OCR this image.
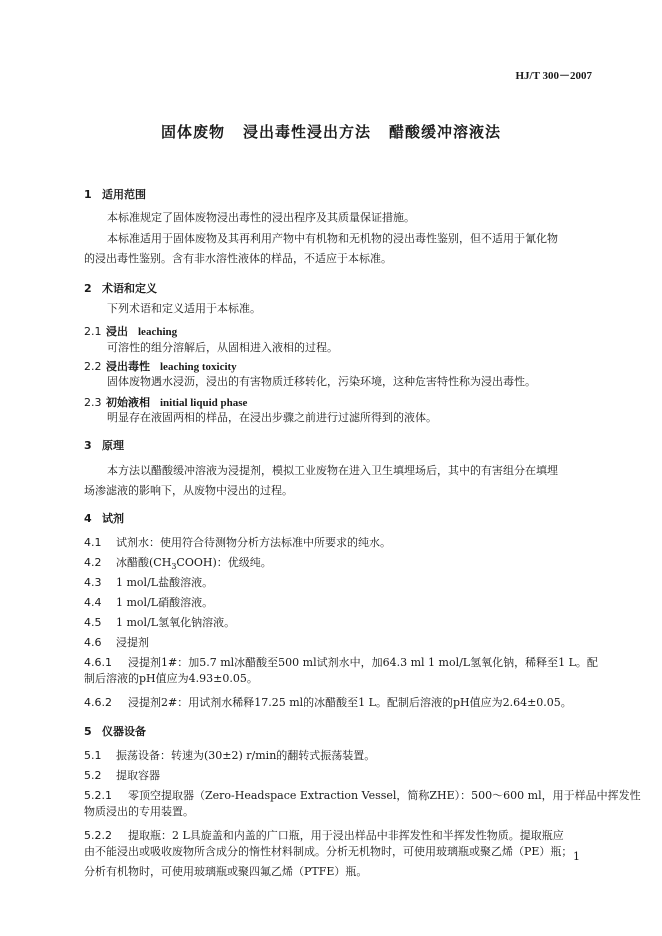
HJ/T 300－2007
固体废物 浸出毒性浸出方法 醋酸缓冲溶液法
1 适用范围
本标准规定了固体废物浸出毒性的浸出程序及其质量保证措施。
本标准适用于固体废物及其再利用产物中有机物和无机物的浸出毒性鉴别，但不适用于氰化物
的浸出毒性鉴别。含有非水溶性液体的样品，不适应于本标准。
2 术语和定义
下列术语和定义适用于本标准。
2.1 浸出 leaching
可溶性的组分溶解后，从固相进入液相的过程。
2.2 浸出毒性 leaching toxicity
固体废物遇水浸沥，浸出的有害物质迁移转化，污染环境，这种危害特性称为浸出毒性。
2.3 初始液相 initial liquid phase
明显存在液固两相的样品，在浸出步骤之前进行过滤所得到的液体。
3 原理
本方法以醋酸缓冲溶液为浸提剂，模拟工业废物在进入卫生填埋场后，其中的有害组分在填埋
场渗滤液的影响下，从废物中浸出的过程。
4 试剂
4.1 试剂水：使用符合待测物分析方法标准中所要求的纯水。
4.2 冰醋酸$(CH_3COOH)$：优级纯。
4.3 1 mol/L盐酸溶液。
4.4 1 mol/L硝酸溶液。
4.5 1 mol/L氢氧化钠溶液。
4.6 浸提剂
4.6.1 浸提剂1#：加5.7 ml冰醋酸至500 ml试剂水中，加64.3 ml 1 mol/L氢氧化钠，稀释至1 L。配
制后溶液的pH值应为4.93±0.05。
4.6.2 浸提剂2#：用试剂水稀释17.25 ml的冰醋酸至1 L。配制后溶液的pH值应为2.64±0.05。
5 仪器设备
5.1 振荡设备：转速为(30±2) r/min的翻转式振荡装置。
5.2 提取容器
5.2.1 零顶空提取器（Zero-Headspace Extraction Vessel，简称ZHE）：500～600 ml，用于样品中挥发性
物质浸出的专用装置。
5.2.2 提取瓶：2 L具旋盖和内盖的广口瓶，用于浸出样品中非挥发性和半挥发性物质。提取瓶应
由不能浸出或吸收废物所含成分的惰性材料制成。分析无机物时，可使用玻璃瓶或聚乙烯（PE）瓶；
分析有机物时，可使用玻璃瓶或聚四氟乙烯（PTFE）瓶。
1
